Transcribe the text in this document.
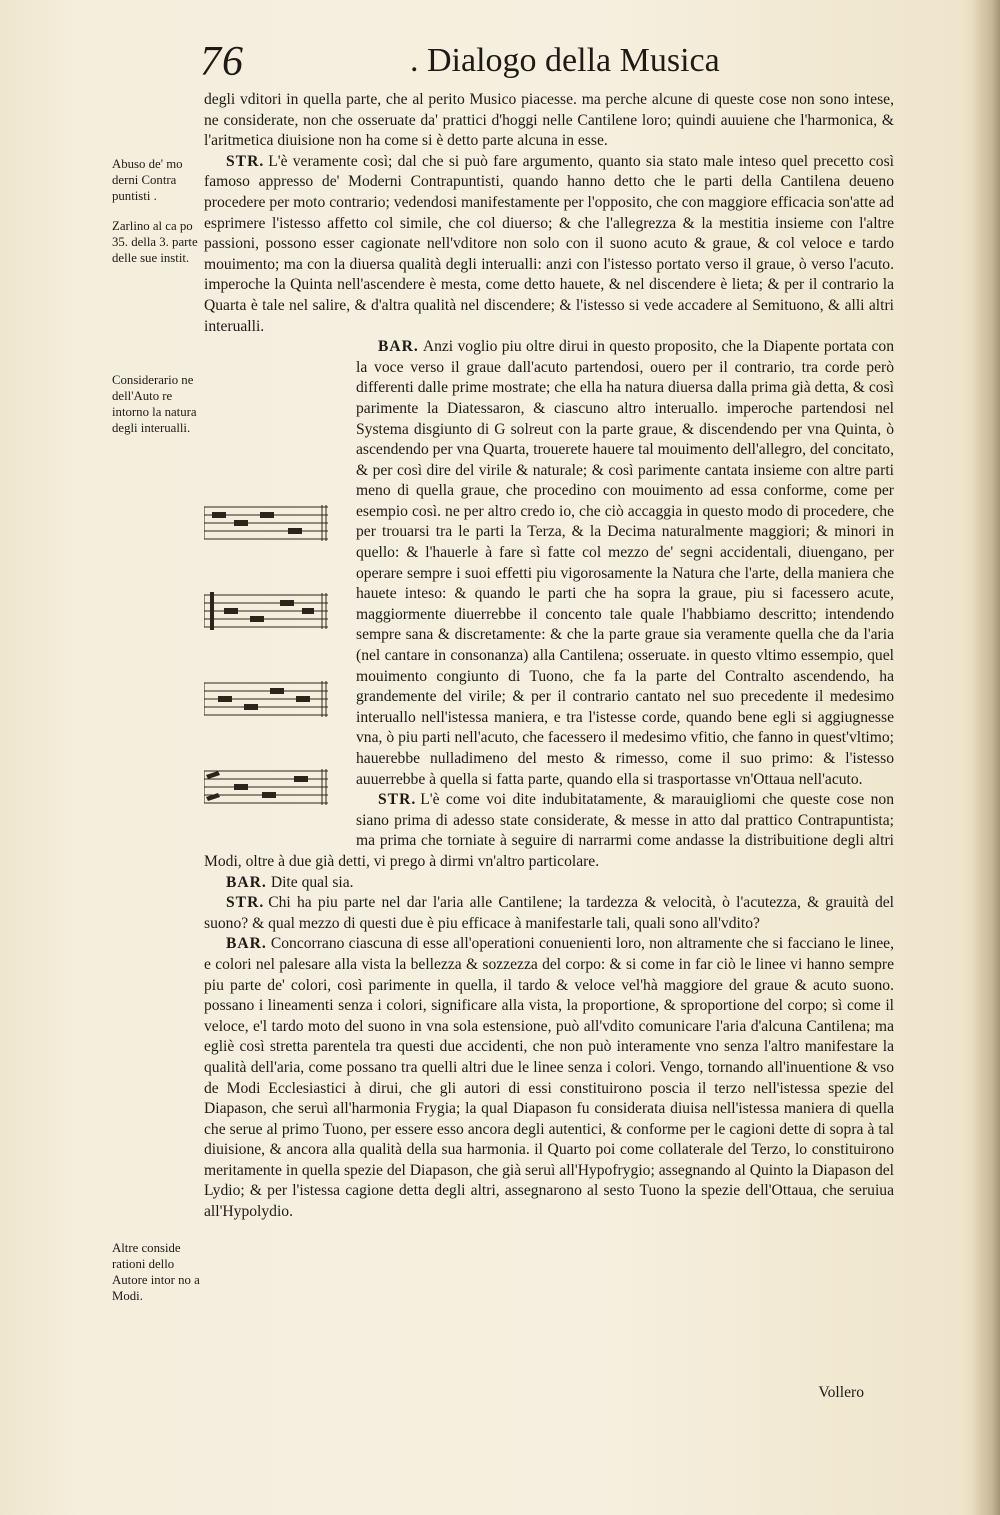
76	. Dialogo della Musica
Abuso de' mo derni Contra puntisti .
Zarlino al ca po 35. della 3. parte delle sue instit.
Considerario ne dell'Auto re intorno la natura degli interualli.
Altre conside rationi dello Autore intor no a Modi.

degli vditori in quella parte, che al perito Musico piacesse. ma perche alcune di queste cose non sono intese, ne considerate, non che osseruate da' prattici d'hoggi nelle Cantilene loro; quindi auuiene che l'harmonica, & l'aritmetica diuisione non ha come si è detto parte alcuna in esse.

STR. L'è veramente così; dal che si può fare argumento, quanto sia stato male inteso quel precetto così famoso appresso de' Moderni Contrapuntisti, quando hanno detto che le parti della Cantilena deueno procedere per moto contrario; vedendosi manifestamente per l'opposito, che con maggiore efficacia son'atte ad esprimere l'istesso affetto col simile, che col diuerso; & che l'allegrezza & la mestitia insieme con l'altre passioni, possono esser cagionate nell'vditore non solo con il suono acuto & graue, & col veloce e tardo mouimento; ma con la diuersa qualità degli interualli: anzi con l'istesso portato verso il graue, ò verso l'acuto. imperoche la Quinta nell'ascendere è mesta, come detto hauete, & nel discendere è lieta; & per il contrario la Quarta è tale nel salire, & d'altra qualità nel discendere; & l'istesso si vede accadere al Semituono, & alli altri interualli.

BAR. Anzi voglio piu oltre dirui in questo proposito, che la Diapente portata con la voce verso il graue dall'acuto partendosi, ouero per il contrario, tra corde però differenti dalle prime mostrate; che ella ha natura diuersa dalla prima già detta, & così parimente la Diatessaron, & ciascuno altro interuallo. imperoche partendosi nel Systema disgiunto di G solreut con la parte graue, & discendendo per vna Quinta, ò ascendendo per vna Quarta, trouerete hauere tal mouimento dell'allegro, del concitato, & per così dire del virile & naturale; & così parimente cantata insieme con altre parti meno di quella graue, che procedino con mouimento ad essa conforme, come per esempio così. ne per altro credo io, che ciò accaggia in questo modo di procedere, che per trouarsi tra le parti la Terza, & la Decima naturalmente maggiori; & minori in quello: & l'hauerle à fare sì fatte col mezzo de' segni accidentali, diuengano, per operare sempre i suoi effetti piu vigorosamente la Natura che l'arte, della maniera che hauete inteso: & quando le parti che ha sopra la graue, piu si facessero acute, maggiormente diuerrebbe il concento tale quale l'habbiamo descritto; intendendo sempre sana & discretamente: & che la parte graue sia veramente quella che da l'aria (nel cantare in consonanza) alla Cantilena; osseruate. in questo vltimo essempio, quel mouimento congiunto di Tuono, che fa la parte del Contralto ascendendo, ha grandemente del virile; & per il contrario cantato nel suo precedente il medesimo interuallo nell'istessa maniera, e tra l'istesse corde, quando bene egli si aggiugnesse vna, ò piu parti nell'acuto, che facessero il medesimo vfitio, che fanno in quest'vltimo; hauerebbe nulladimeno del mesto & rimesso, come il suo primo: & l'istesso auuerrebbe à quella si fatta parte, quando ella si trasportasse vn'Ottaua nell'acuto.

STR. L'è come voi dite indubitatamente, & marauigliomi che queste cose non siano prima di adesso state considerate, & messe in atto dal prattico Contrapuntista; ma prima che torniate à seguire di narrarmi come andasse la distribuitione degli altri Modi, oltre à due già detti, vi prego à dirmi vn'altro particolare.

BAR. Dite qual sia.

STR. Chi ha piu parte nel dar l'aria alle Cantilene; la tardezza & velocità, ò l'acutezza, & grauità del suono? & qual mezzo di questi due è piu efficace à manifestarle tali, quali sono all'vdito?

BAR. Concorrano ciascuna di esse all'operationi conuenienti loro, non altramente che si facciano le linee, e colori nel palesare alla vista la bellezza & sozzezza del corpo: & si come in far ciò le linee vi hanno sempre piu parte de' colori, così parimente in quella, il tardo & veloce vel'hà maggiore del graue & acuto suono. possano i lineamenti senza i colori, significare alla vista, la proportione, & sproportione del corpo; sì come il veloce, e'l tardo moto del suono in vna sola estensione, può all'vdito comunicare l'aria d'alcuna Cantilena; ma egliè così stretta parentela tra questi due accidenti, che non può interamente vno senza l'altro manifestare la qualità dell'aria, come possano tra quelli altri due le linee senza i colori. Vengo, tornando all'inuentione & vso de Modi Ecclesiastici à dirui, che gli autori di essi constituirono poscia il terzo nell'istessa spezie del Diapason, che seruì all'harmonia Frygia; la qual Diapason fu consideratа diuisa nell'istessa maniera di quella che serue al primo Tuono, per essere esso ancora degli autentici, & conforme per le cagioni dette di sopra à tal diuisione, & ancora alla qualità della sua harmonia. il Quarto poi come collaterale del Terzo, lo constituirono meritamente in quella spezie del Diapason, che già seruì all'Hypofrygio; assegnando al Quinto la Diapason del Lydio; & per l'istessa cagione detta degli altri, assegnarono al sesto Tuono la spezie dell'Ottaua, che seruiua all'Hypolydio.

Vollero
